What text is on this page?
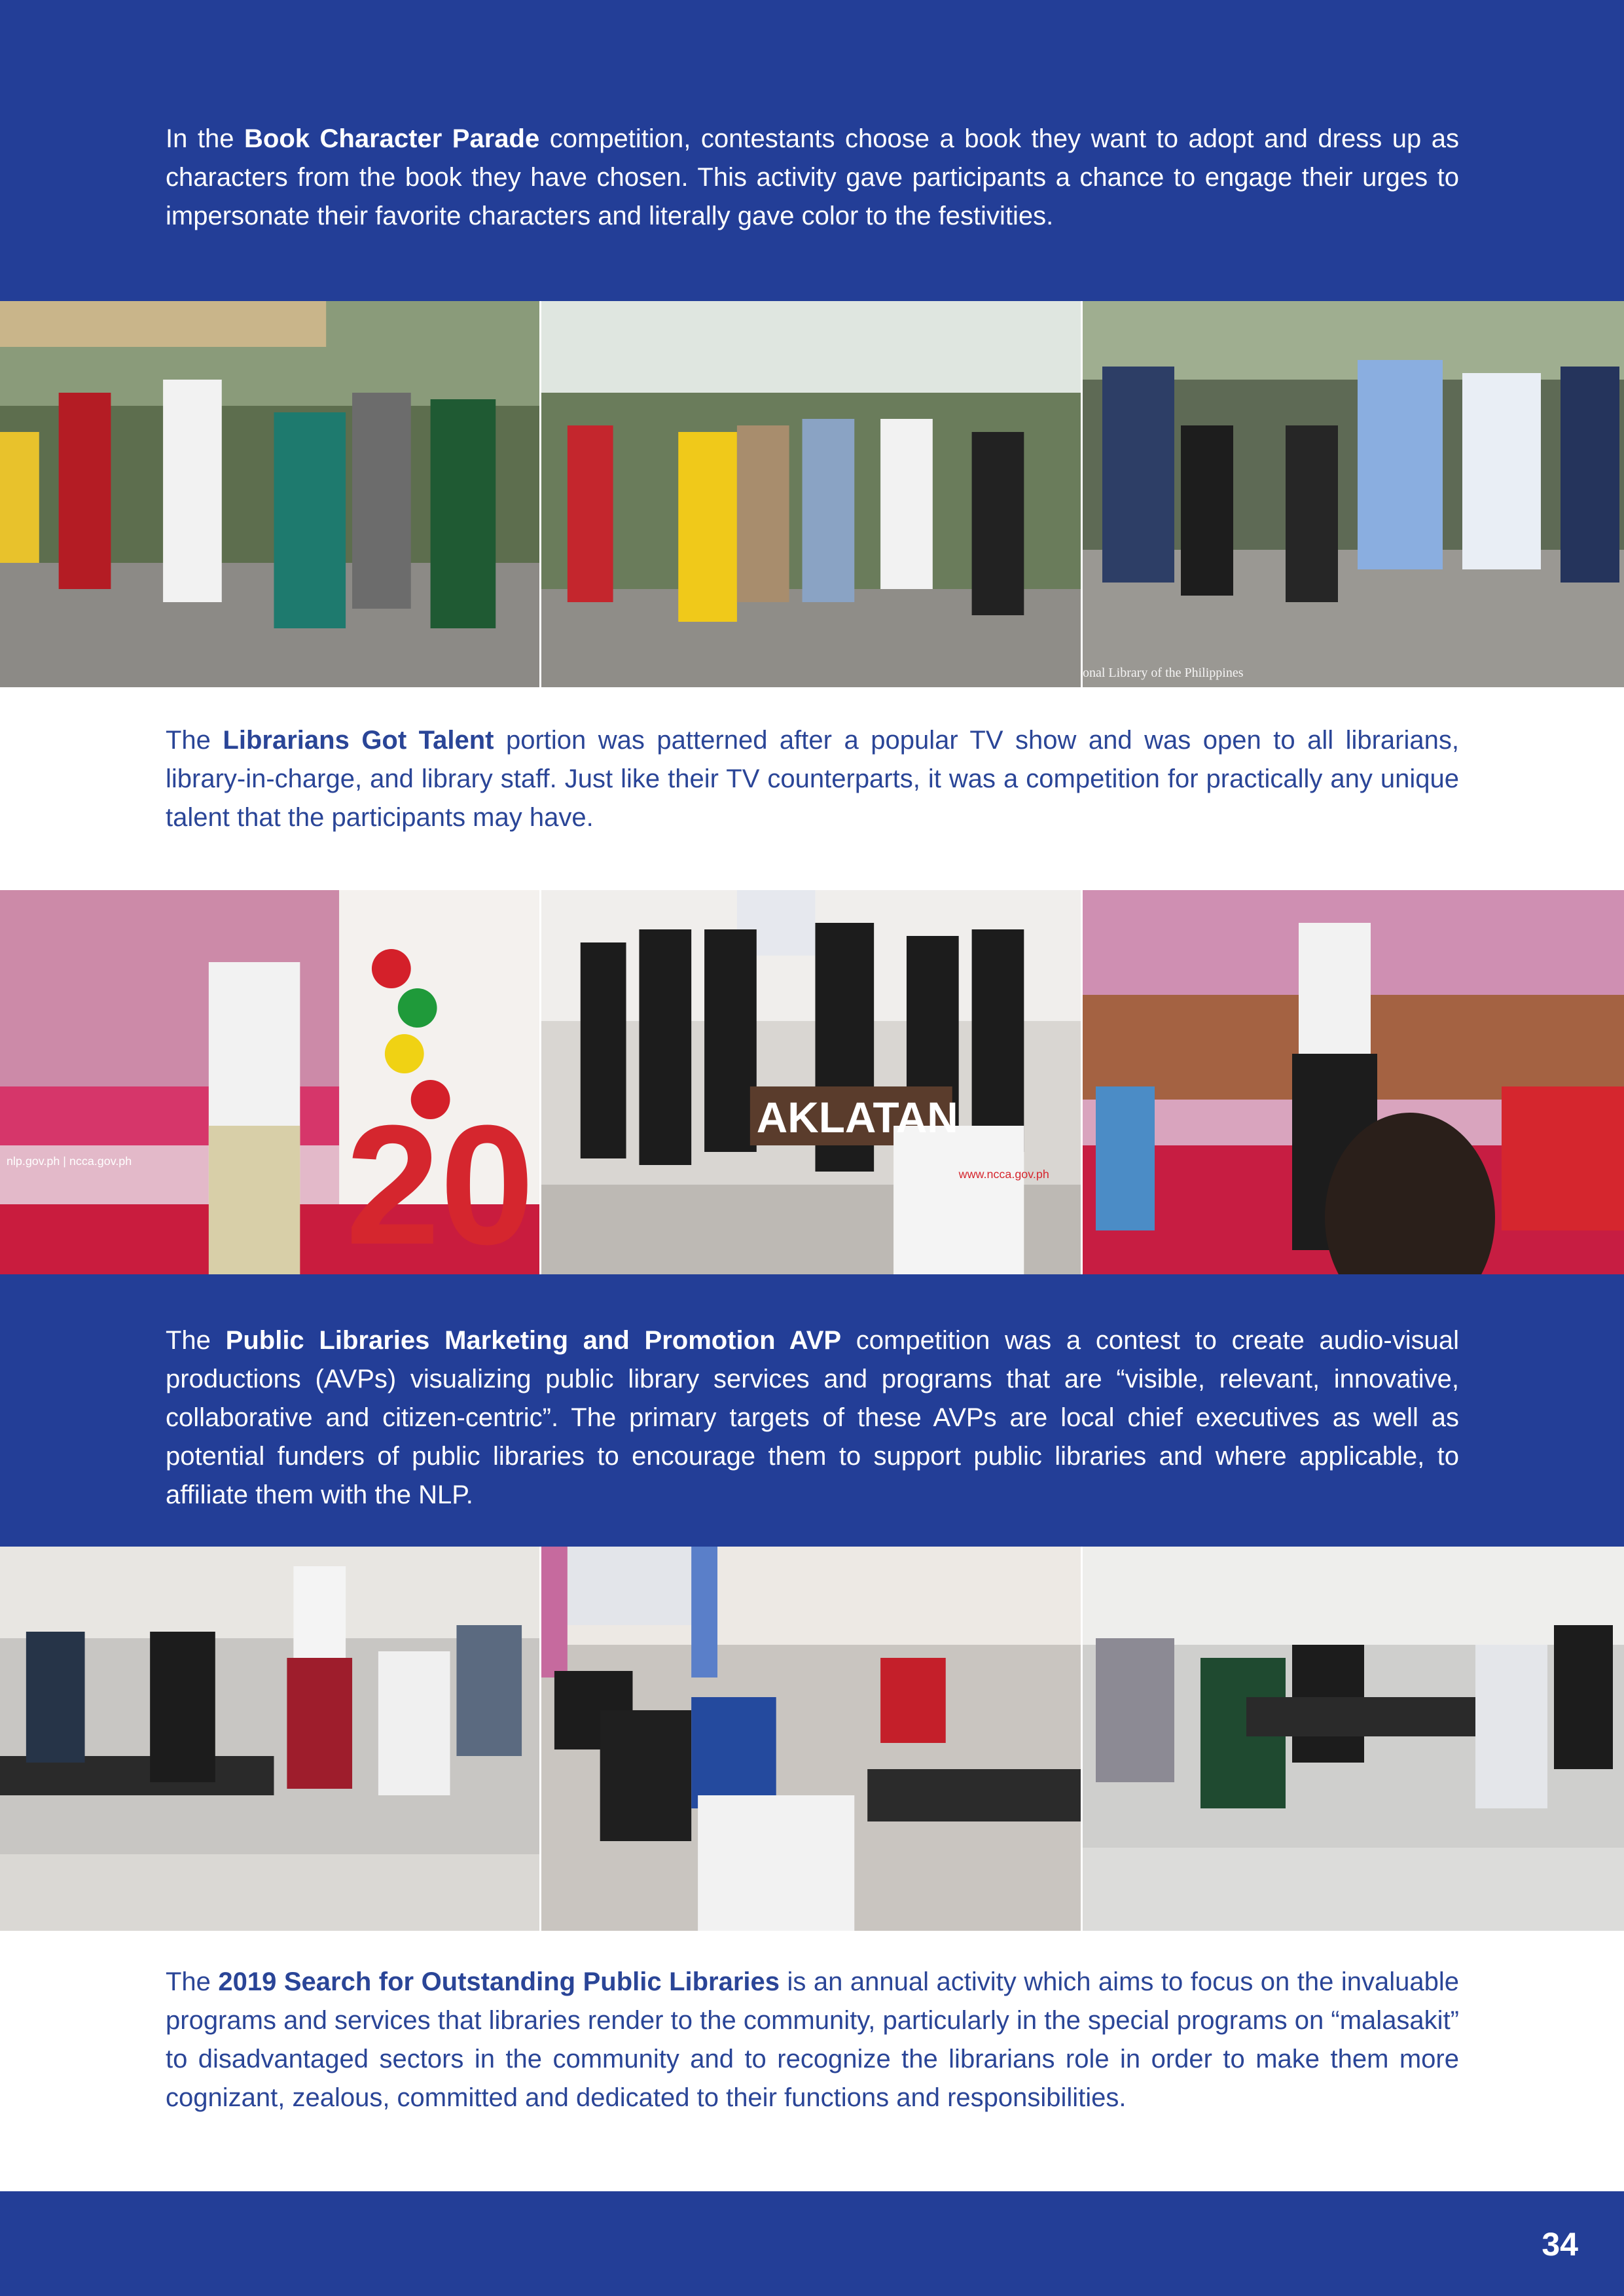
In the Book Character Parade competition, contestants choose a book they want to adopt and dress up as characters from the book they have chosen. This activity gave participants a chance to engage their urges to impersonate their favorite characters and literally gave color to the festivities.

onal Library of the Philippines

The Librarians Got Talent portion was patterned after a popular TV show and was open to all librarians, library-in-charge, and library staff. Just like their TV counterparts, it was a competition for practically any unique talent that the participants may have.

20
nlp.gov.ph | ncca.gov.ph
AKLATAN
www.ncca.gov.ph

The Public Libraries Marketing and Promotion AVP competition was a contest to create audio-visual productions (AVPs) visualizing public library services and programs that are “visible, relevant, innovative, collaborative and citizen-centric”. The primary targets of these AVPs are local chief executives as well as potential funders of public libraries to encourage them to support public libraries and where applicable, to affiliate them with the NLP.

The 2019 Search for Outstanding Public Libraries is an annual activity which aims to focus on the invaluable programs and services that libraries render to the community, particularly in the special programs on “malasakit” to disadvantaged sectors in the community and to recognize the librarians role in order to make them more cognizant, zealous, committed and dedicated to their functions and responsibilities.

34
